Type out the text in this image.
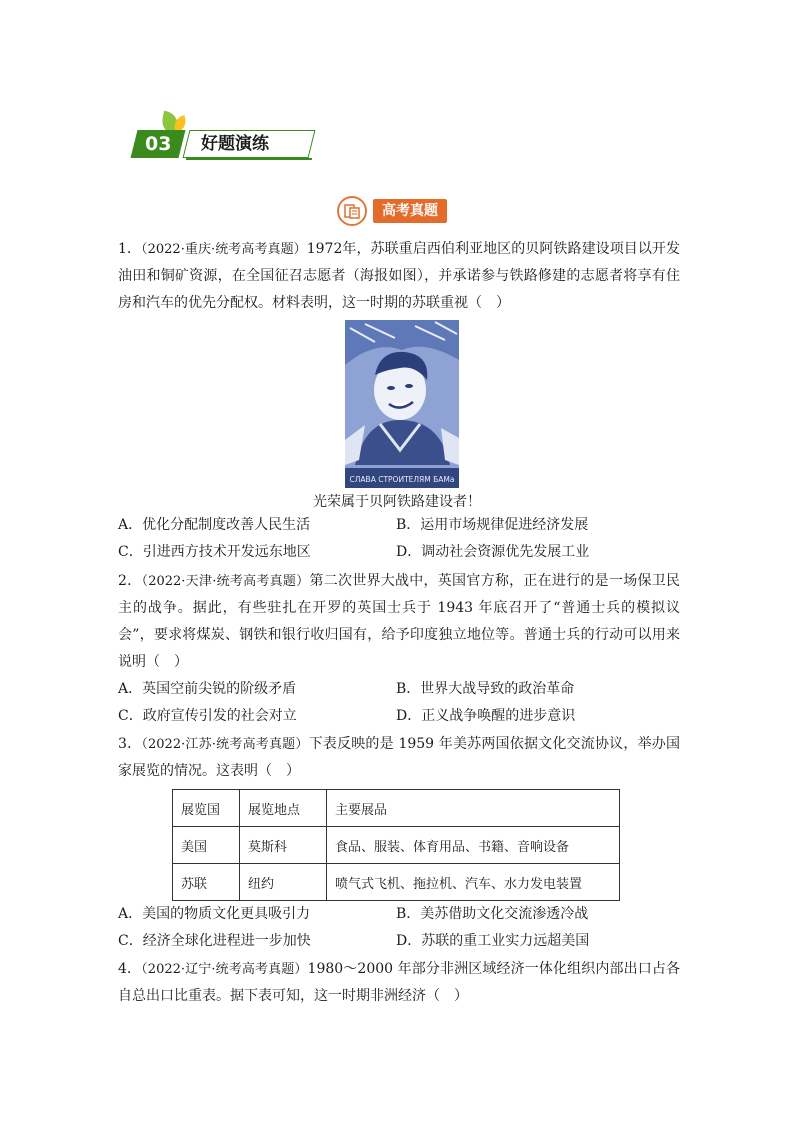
03	好题演练
高考真题
1．（2022·重庆·统考高考真题）1972年，苏联重启西伯利亚地区的贝阿铁路建设项目以开发油田和铜矿资源，在全国征召志愿者（海报如图），并承诺参与铁路修建的志愿者将享有住房和汽车的优先分配权。材料表明，这一时期的苏联重视（　）
СЛАВА СТРОИТЕЛЯМ БАМа
光荣属于贝阿铁路建设者！
A．优化分配制度改善人民生活	B．运用市场规律促进经济发展
C．引进西方技术开发远东地区	D．调动社会资源优先发展工业
2．（2022·天津·统考高考真题）第二次世界大战中，英国官方称，正在进行的是一场保卫民主的战争。据此，有些驻扎在开罗的英国士兵于 1943 年底召开了“普通士兵的模拟议会”，要求将煤炭、钢铁和银行收归国有，给予印度独立地位等。普通士兵的行动可以用来说明（　）
A．英国空前尖锐的阶级矛盾	B．世界大战导致的政治革命
C．政府宣传引发的社会对立	D．正义战争唤醒的进步意识
3．（2022·江苏·统考高考真题）下表反映的是 1959 年美苏两国依据文化交流协议，举办国家展览的情况。这表明（　）
展览国	展览地点	主要展品
美国	莫斯科	食品、服装、体育用品、书籍、音响设备
苏联	纽约	喷气式飞机、拖拉机、汽车、水力发电装置
A．美国的物质文化更具吸引力	B．美苏借助文化交流渗透冷战
C．经济全球化进程进一步加快	D．苏联的重工业实力远超美国
4．（2022·辽宁·统考高考真题）1980～2000 年部分非洲区域经济一体化组织内部出口占各自总出口比重表。据下表可知，这一时期非洲经济（　）
